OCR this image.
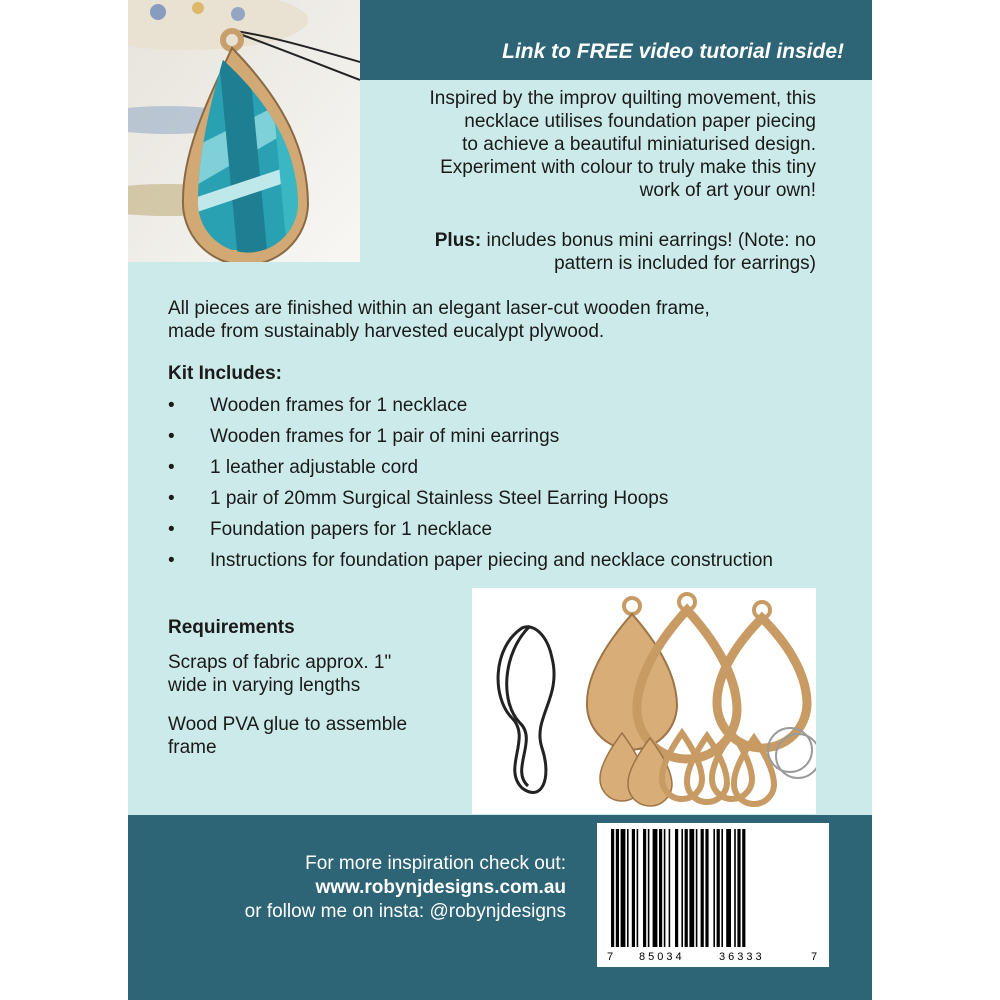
Link to FREE video tutorial inside!

Inspired by the improv quilting movement, this

necklace utilises foundation paper piecing

to achieve a beautiful miniaturised design.

Experiment with colour to truly make this tiny

work of art your own!

Plus: includes bonus mini earrings! (Note: no
pattern is included for earrings)
All pieces are finished within an elegant laser-cut wooden frame,
made from sustainably harvested eucalypt plywood.
Kit Includes:
• Wooden frames for 1 necklace
• Wooden frames for 1 pair of mini earrings
• 1 leather adjustable cord
• 1 pair of 20mm Surgical Stainless Steel Earring Hoops
• Foundation papers for 1 necklace
• Instructions for foundation paper piecing and necklace construction
Requirements
Scraps of fabric approx. 1"
wide in varying lengths
Wood PVA glue to assemble
frame
For more inspiration check out:
www.robynjdesigns.com.au
or follow me on insta: @robynjdesigns
7 85034	36333	7
